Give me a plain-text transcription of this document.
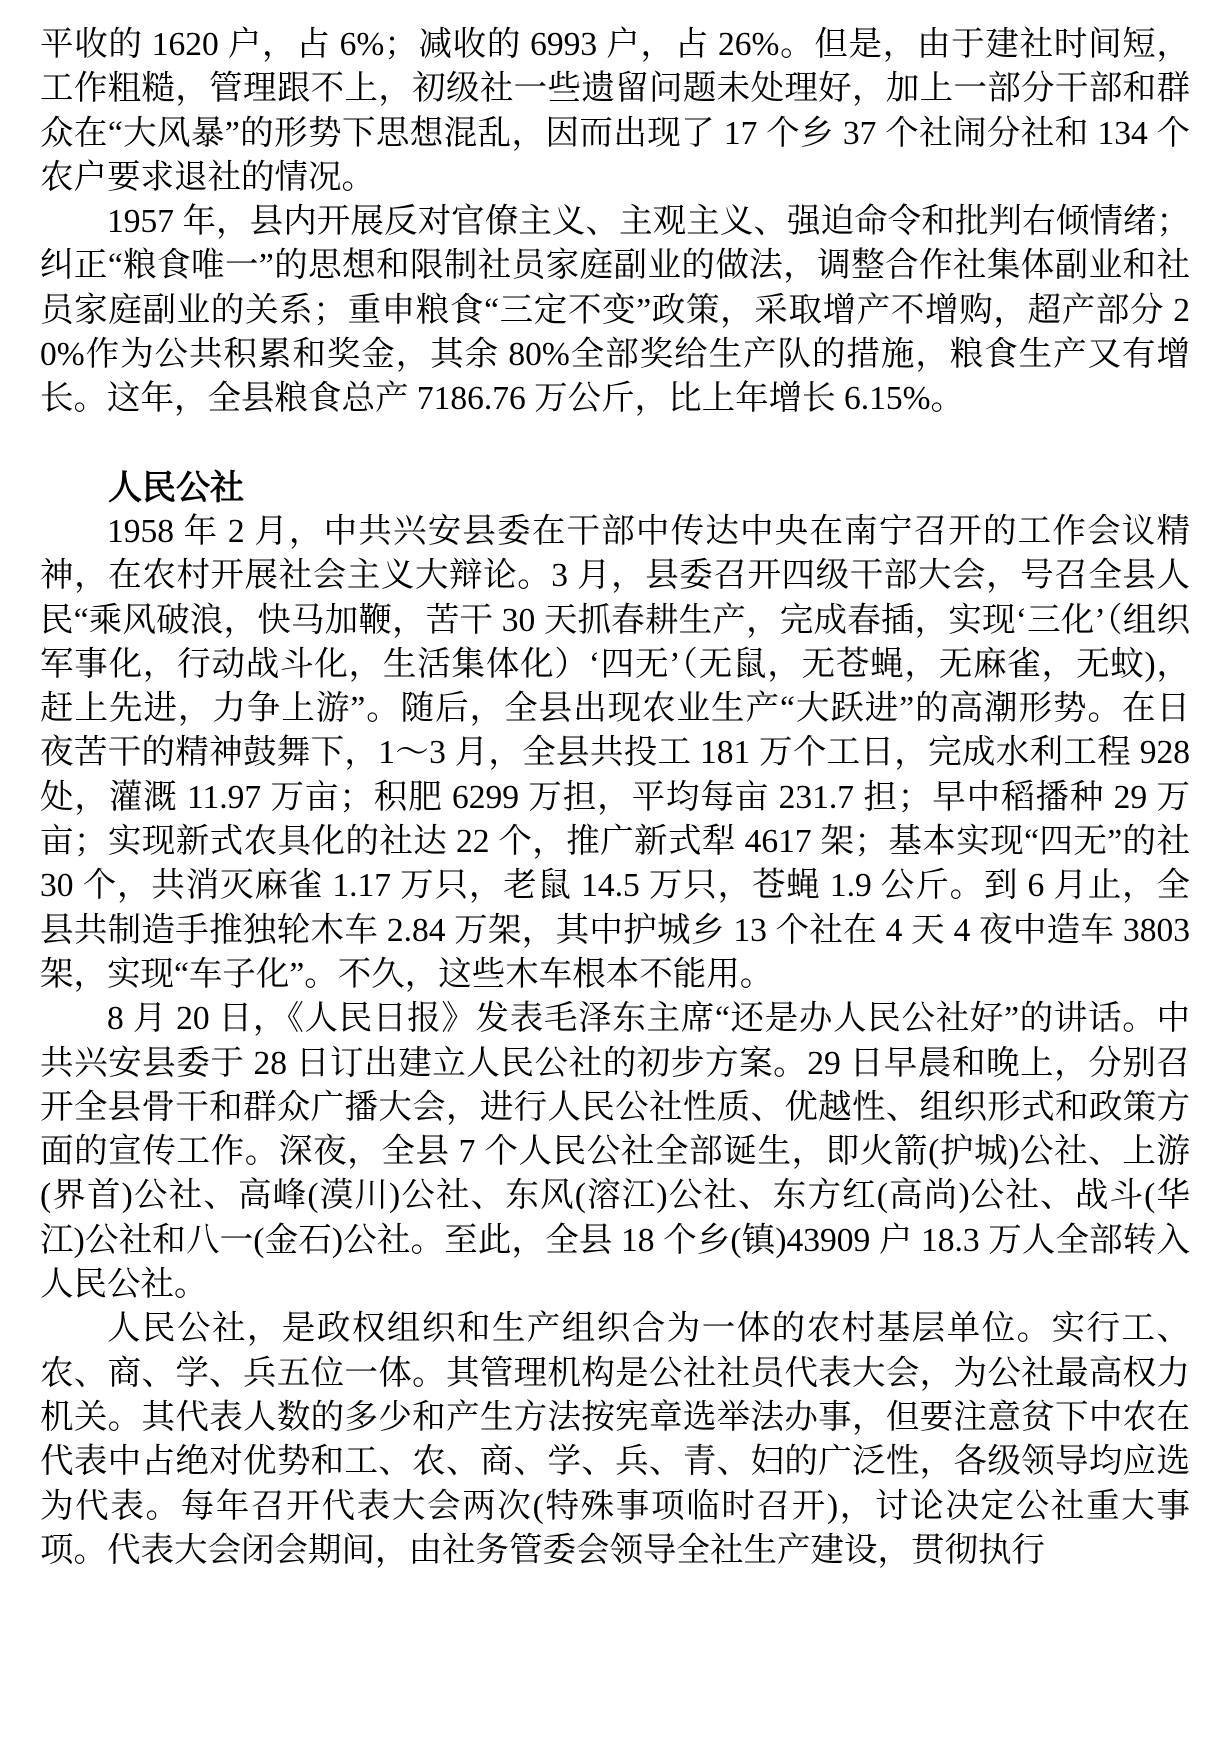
平收的 1620 户，占 6%；减收的 6993 户，占 26%。但是，由于建社时间短，工作粗糙，管理跟不上，初级社一些遗留问题未处理好，加上一部分干部和群众在“大风暴”的形势下思想混乱，因而出现了 17 个乡 37 个社闹分社和 134 个农户要求退社的情况。

1957 年，县内开展反对官僚主义、主观主义、强迫命令和批判右倾情绪；纠正“粮食唯一”的思想和限制社员家庭副业的做法，调整合作社集体副业和社员家庭副业的关系；重申粮食“三定不变”政策，采取增产不增购，超产部分 20%作为公共积累和奖金，其余 80%全部奖给生产队的措施，粮食生产又有增长。这年，全县粮食总产 7186.76 万公斤，比上年增长 6.15%。

人民公社

1958 年 2 月，中共兴安县委在干部中传达中央在南宁召开的工作会议精神，在农村开展社会主义大辩论。3 月，县委召开四级干部大会，号召全县人民“乘风破浪，快马加鞭，苦干 30 天抓春耕生产，完成春插，实现‘三化’（组织军事化，行动战斗化，生活集体化）‘四无’（无鼠，无苍蝇，无麻雀，无蚊)，赶上先进，力争上游”。随后，全县出现农业生产“大跃进”的高潮形势。在日夜苦干的精神鼓舞下，1～3 月，全县共投工 181 万个工日，完成水利工程 928 处，灌溉 11.97 万亩；积肥 6299 万担，平均每亩 231.7 担；早中稻播种 29 万亩；实现新式农具化的社达 22 个，推广新式犁 4617 架；基本实现“四无”的社 30 个，共消灭麻雀 1.17 万只，老鼠 14.5 万只，苍蝇 1.9 公斤。到 6 月止，全县共制造手推独轮木车 2.84 万架，其中护城乡 13 个社在 4 天 4 夜中造车 3803 架，实现“车子化”。不久，这些木车根本不能用。

8 月 20 日，《人民日报》发表毛泽东主席“还是办人民公社好”的讲话。中共兴安县委于 28 日订出建立人民公社的初步方案。29 日早晨和晚上，分别召开全县骨干和群众广播大会，进行人民公社性质、优越性、组织形式和政策方面的宣传工作。深夜，全县 7 个人民公社全部诞生，即火箭(护城)公社、上游(界首)公社、高峰(漠川)公社、东风(溶江)公社、东方红(高尚)公社、战斗(华江)公社和八一(金石)公社。至此，全县 18 个乡(镇)43909 户 18.3 万人全部转入人民公社。

人民公社，是政权组织和生产组织合为一体的农村基层单位。实行工、农、商、学、兵五位一体。其管理机构是公社社员代表大会，为公社最高权力机关。其代表人数的多少和产生方法按宪章选举法办事，但要注意贫下中农在代表中占绝对优势和工、农、商、学、兵、青、妇的广泛性，各级领导均应选为代表。每年召开代表大会两次(特殊事项临时召开)，讨论决定公社重大事项。代表大会闭会期间，由社务管委会领导全社生产建设，贯彻执行
